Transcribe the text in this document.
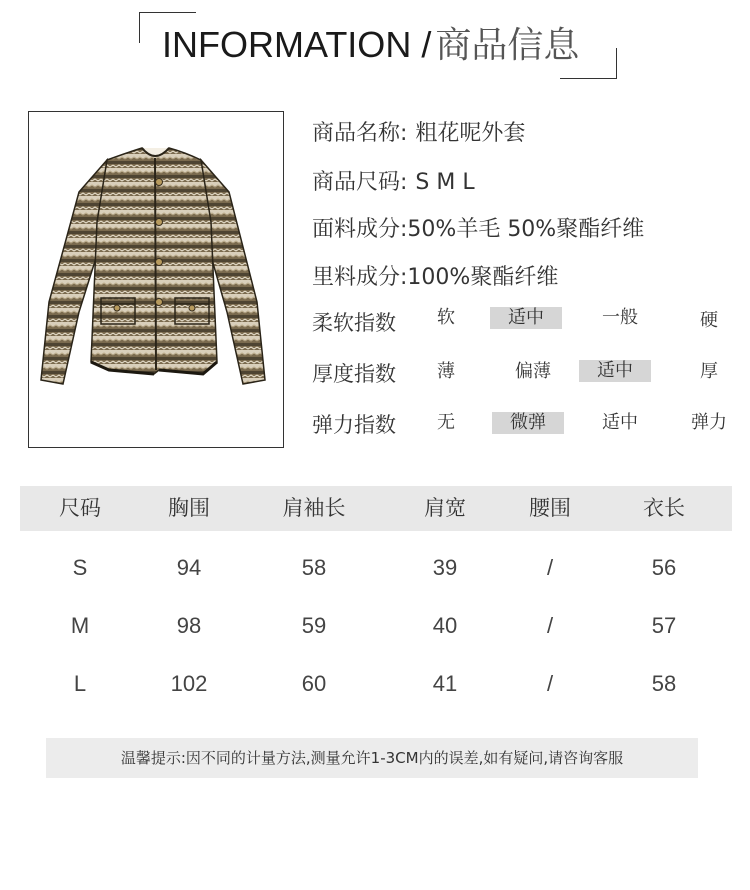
INFORMATION / 商品信息
商品名称: 粗花呢外套
商品尺码: SML
面料成分:50%羊毛 50%聚酯纤维
里料成分:100%聚酯纤维
柔软指数	软	适中	一般	硬
厚度指数	薄	偏薄	适中	厚
弹力指数	无	微弹	适中	弹力
尺码	胸围	肩袖长	肩宽	腰围	衣长
S	94	58	39	/	56
M	98	59	40	/	57
L	102	60	41	/	58
温馨提示:因不同的计量方法,测量允许1-3CM内的误差,如有疑问,请咨询客服
